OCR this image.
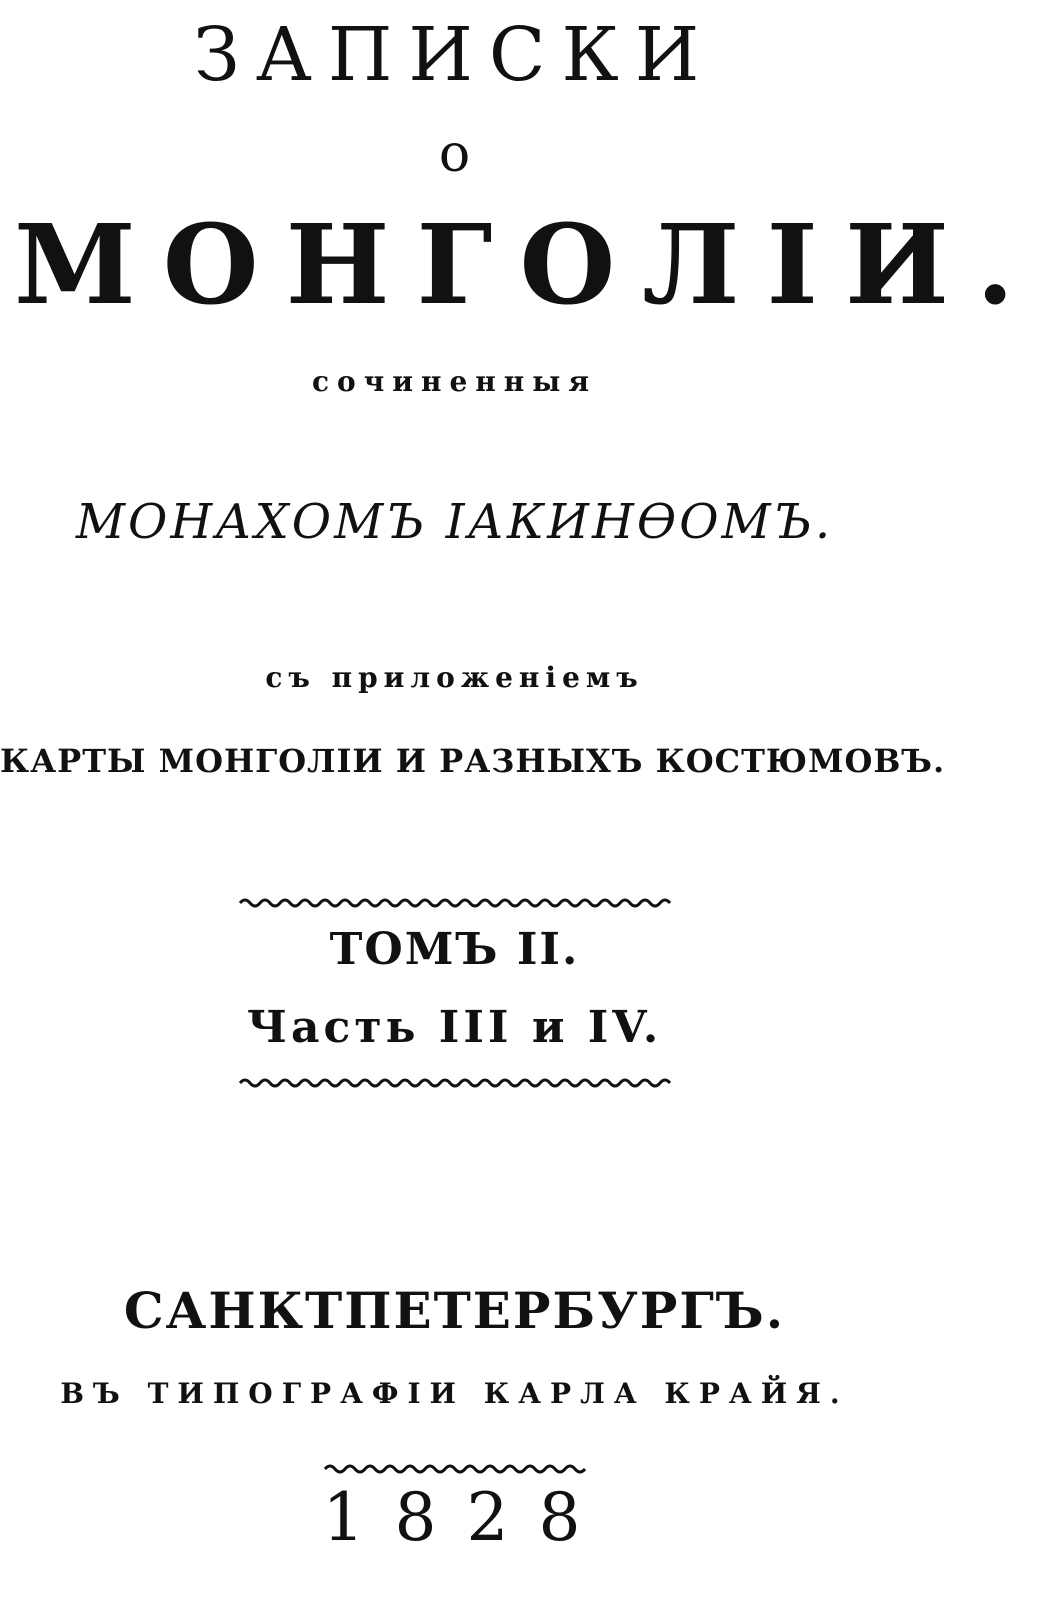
ЗАПИСКИ
о
МОНГОЛІИ.
сочиненныя
МОНАХОМЪ ІАКИНѲОМЪ.
съ приложеніемъ
КАРТЫ МОНГОЛІИ И РАЗНЫХЪ КОСТЮМОВЪ.
ТОМЪ II.
Часть III и IV.
САНКТПЕТЕРБУРГЪ.
ВЪ ТИПОГРАФІИ КАРЛА КРАЙЯ.
1828
